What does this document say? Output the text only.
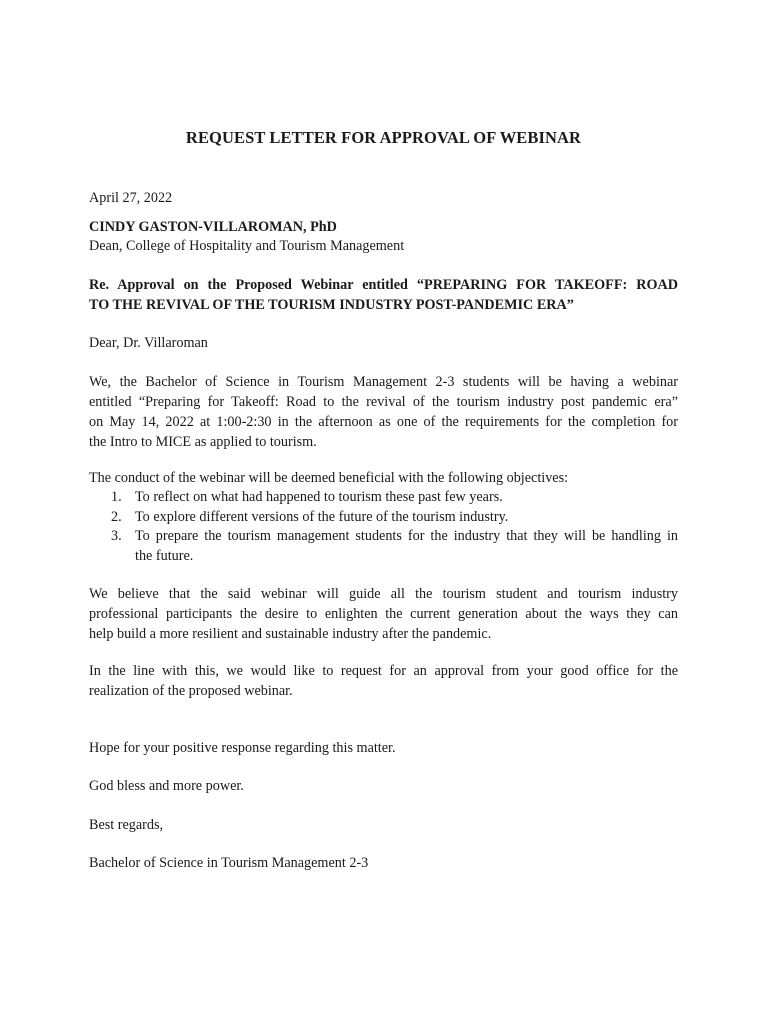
REQUEST LETTER FOR APPROVAL OF WEBINAR
April 27, 2022
CINDY GASTON-VILLAROMAN, PhD
Dean, College of Hospitality and Tourism Management
Re. Approval on the Proposed Webinar entitled “PREPARING FOR TAKEOFF: ROAD
TO THE REVIVAL OF THE TOURISM INDUSTRY POST-PANDEMIC ERA”
Dear, Dr. Villaroman
We, the Bachelor of Science in Tourism Management 2-3 students will be having a webinar
entitled “Preparing for Takeoff: Road to the revival of the tourism industry post pandemic era”
on May 14, 2022 at 1:00-2:30 in the afternoon as one of the requirements for the completion for
the Intro to MICE as applied to tourism.
The conduct of the webinar will be deemed beneficial with the following objectives:
1. To reflect on what had happened to tourism these past few years.
2. To explore different versions of the future of the tourism industry.
3. To prepare the tourism management students for the industry that they will be handling in
the future.
We believe that the said webinar will guide all the tourism student and tourism industry
professional participants the desire to enlighten the current generation about the ways they can
help build a more resilient and sustainable industry after the pandemic.
In the line with this, we would like to request for an approval from your good office for the
realization of the proposed webinar.
Hope for your positive response regarding this matter.
God bless and more power.
Best regards,
Bachelor of Science in Tourism Management 2-3
